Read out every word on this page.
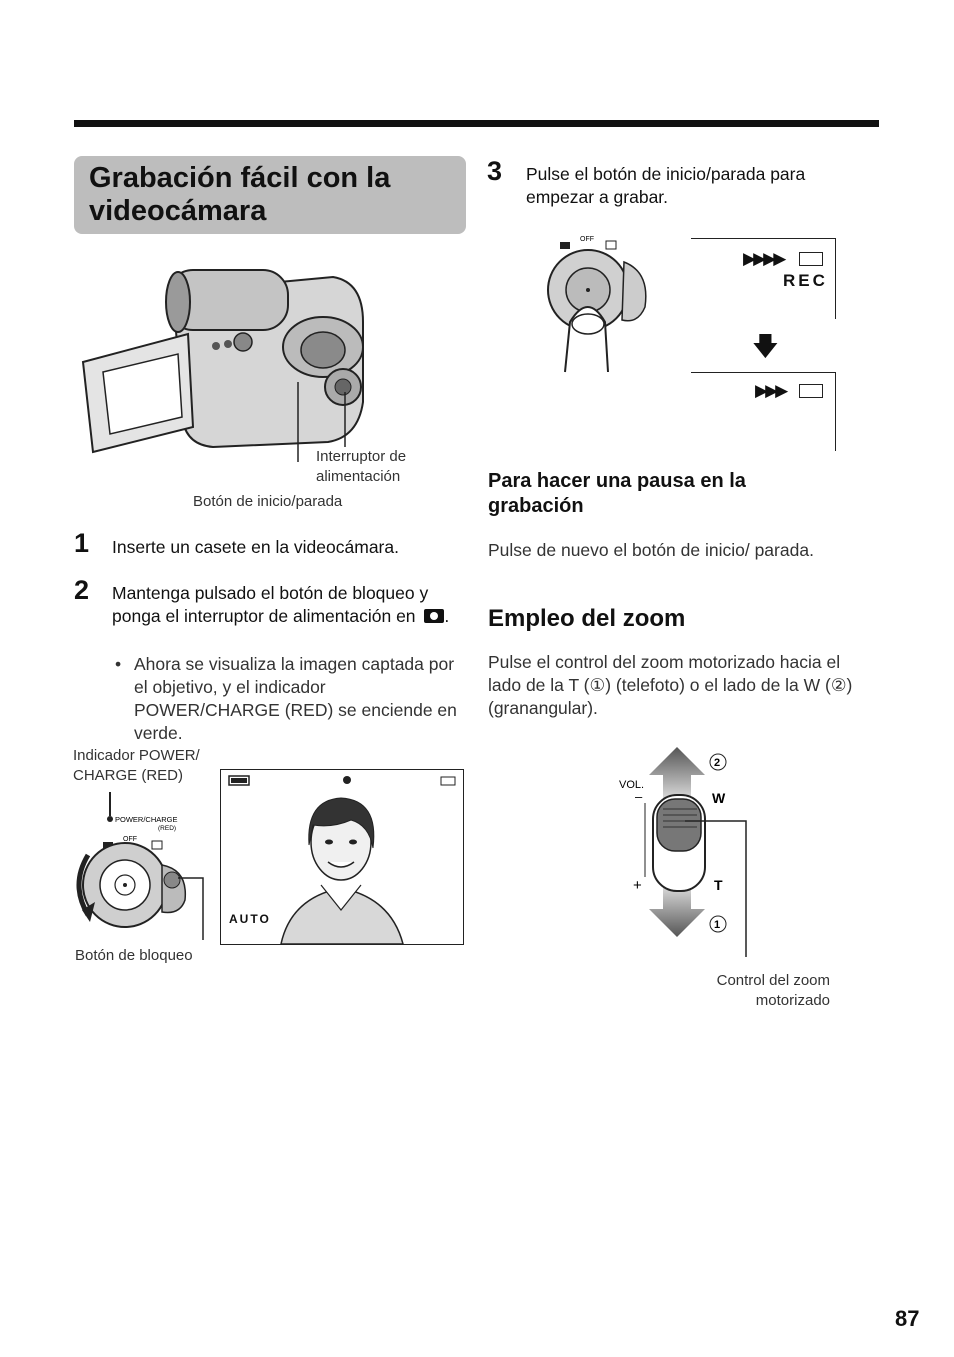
Grabación fácil con la videocámara
Interruptor de alimentación
Botón de inicio/parada
1 Inserte un casete en la videocámara.
2 Mantenga pulsado el botón de bloqueo y ponga el interruptor de alimentación en .
• Ahora se visualiza la imagen captada por el objetivo, y el indicador POWER/CHARGE (RED) se enciende en verde.
Indicador POWER/ CHARGE (RED)
POWER/CHARGE
(RED)
OFF
Botón de bloqueo
AUTO
3 Pulse el botón de inicio/parada para empezar a grabar.
OFF
▶▶▶▶
REC
🡇
▶▶▶
Para hacer una pausa en la grabación
Pulse de nuevo el botón de inicio/ parada.
Empleo del zoom
Pulse el control del zoom motorizado hacia el lado de la T (①) (telefoto) o el lado de la W (②) (granangular).
VOL.
–
+
W
T
2
1
Control del zoom motorizado
87
